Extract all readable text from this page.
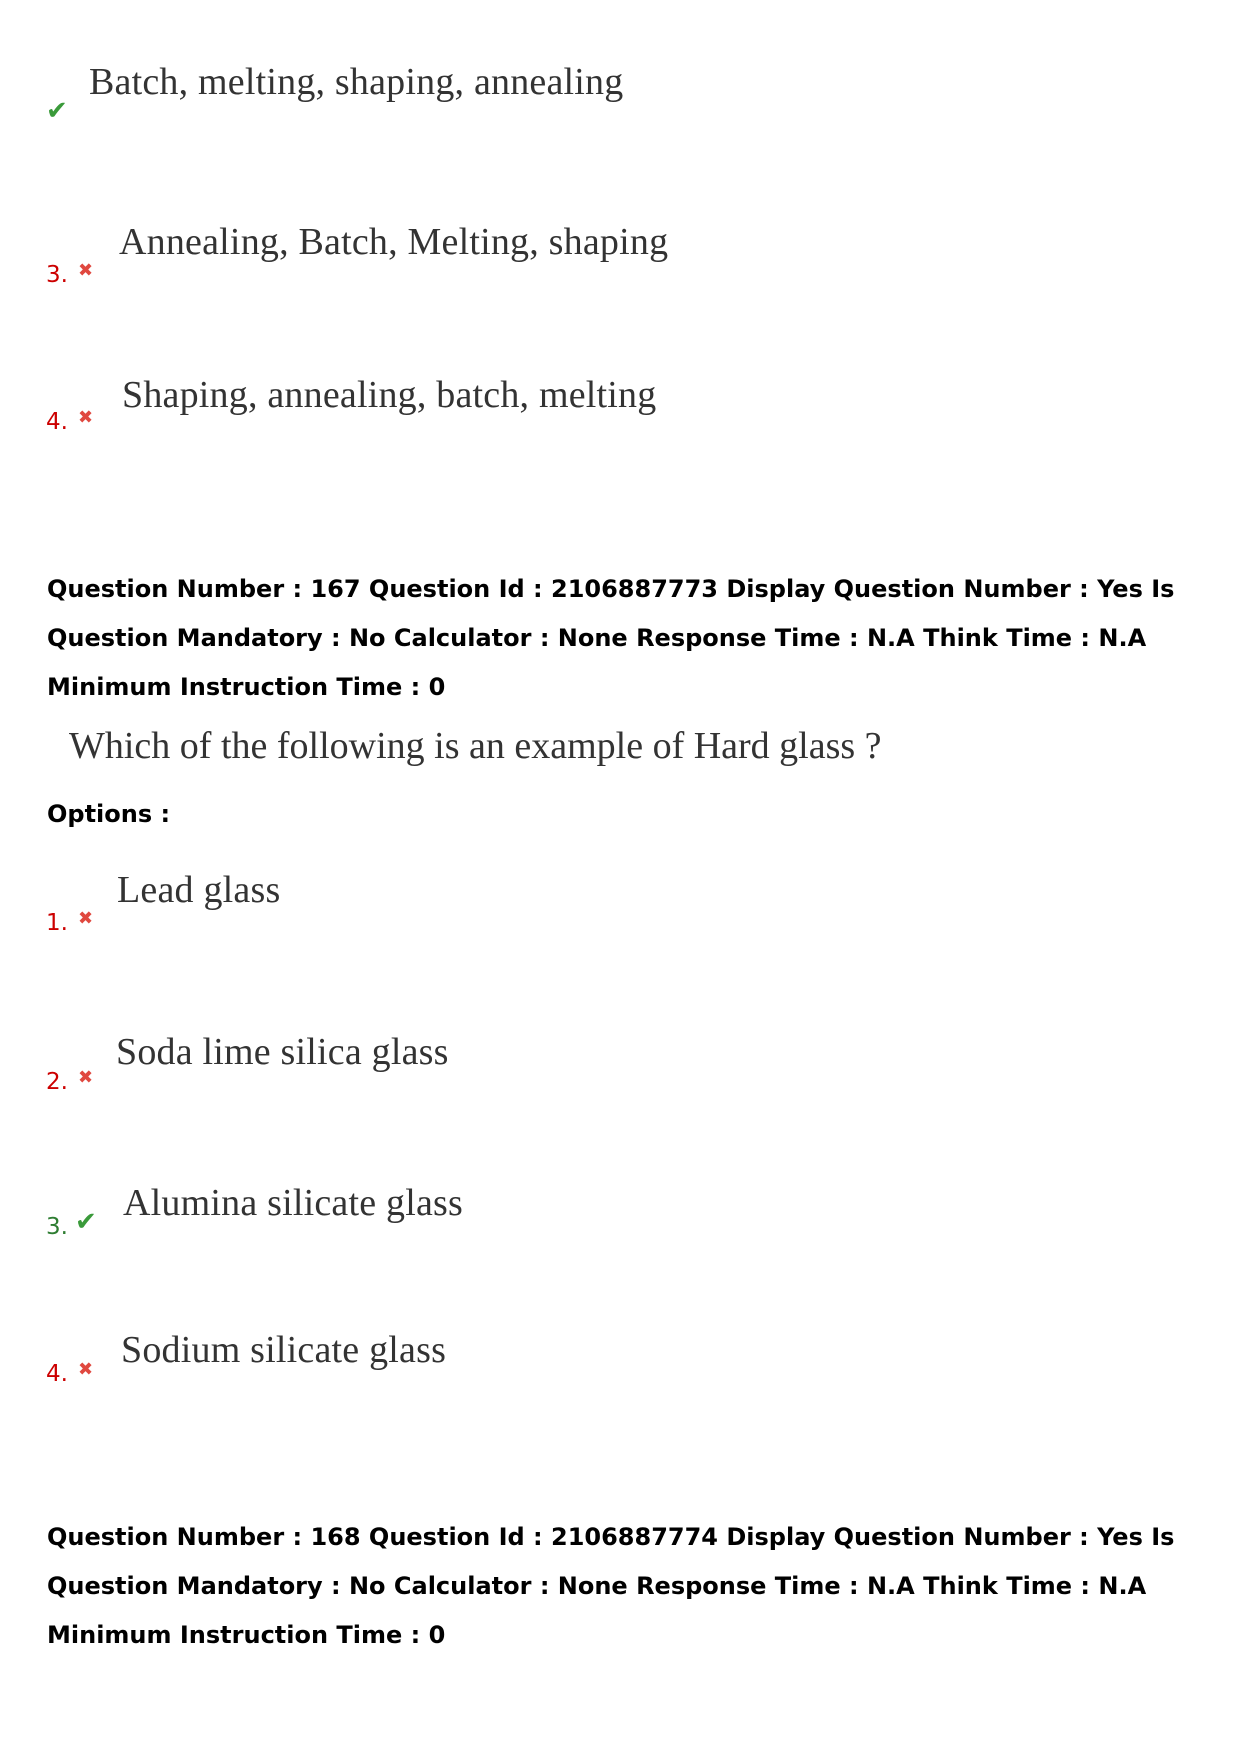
✔
Batch, melting, shaping, annealing
3. ✖
Annealing, Batch, Melting, shaping
4. ✖
Shaping, annealing, batch, melting
Question Number : 167 Question Id : 2106887773 Display Question Number : Yes Is Question Mandatory : No Calculator : None Response Time : N.A Think Time : N.A Minimum Instruction Time : 0
Which of the following is an example of Hard glass ?
Options :
1. ✖
Lead glass
2. ✖
Soda lime silica glass
3. ✔ Alumina silicate glass
4. ✖ Sodium silicate glass
Question Number : 168 Question Id : 2106887774 Display Question Number : Yes Is Question Mandatory : No Calculator : None Response Time : N.A Think Time : N.A Minimum Instruction Time : 0
